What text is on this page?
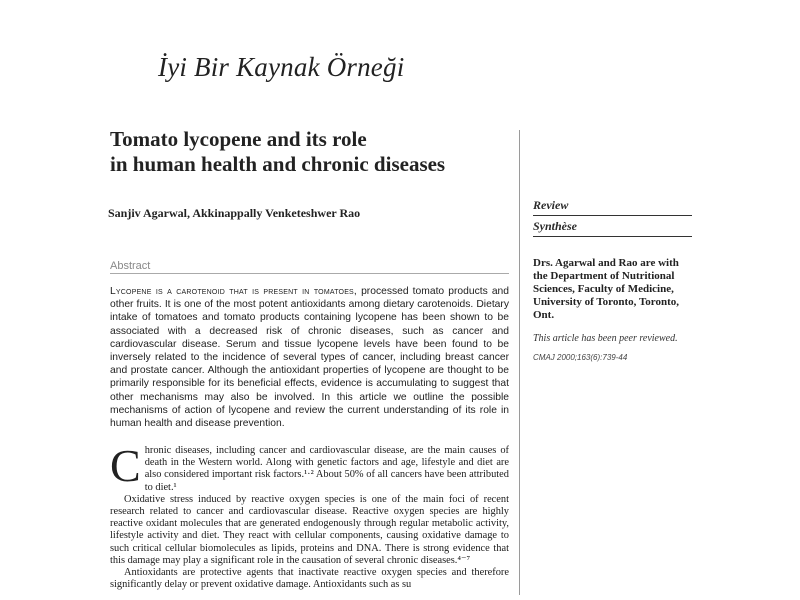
İyi Bir Kaynak Örneği
Tomato lycopene and its role
in human health and chronic diseases
Sanjiv Agarwal, Akkinappally Venketeshwer Rao
Review
Synthèse
Drs. Agarwal and Rao are with the Department of Nutritional Sciences, Faculty of Medicine, University of Toronto, Toronto, Ont.
This article has been peer reviewed.
CMAJ 2000;163(6):739-44
Abstract
Lycopene is a carotenoid that is present in tomatoes, processed tomato products and other fruits. It is one of the most potent antioxidants among dietary carotenoids. Dietary intake of tomatoes and tomato products containing lycopene has been shown to be associated with a decreased risk of chronic diseases, such as cancer and cardiovascular disease. Serum and tissue lycopene levels have been found to be inversely related to the incidence of several types of cancer, including breast cancer and prostate cancer. Although the antioxidant properties of lycopene are thought to be primarily responsible for its beneficial effects, evidence is accumulating to suggest that other mechanisms may also be involved. In this article we outline the possible mechanisms of action of lycopene and review the current understanding of its role in human health and disease prevention.
C hronic diseases, including cancer and cardiovascular disease, are the main causes of death in the Western world. Along with genetic factors and age, lifestyle and diet are also considered important risk factors.¹·² About 50% of all cancers have been attributed to diet.¹

Oxidative stress induced by reactive oxygen species is one of the main foci of recent research related to cancer and cardiovascular disease. Reactive oxygen species are highly reactive oxidant molecules that are generated endogenously through regular metabolic activity, lifestyle activity and diet. They react with cellular components, causing oxidative damage to such critical cellular biomolecules as lipids, proteins and DNA. There is strong evidence that this damage may play a significant role in the causation of several chronic diseases.⁴⁻⁷

Antioxidants are protective agents that inactivate reactive oxygen species and therefore significantly delay or prevent oxidative damage. Antioxidants such as su
